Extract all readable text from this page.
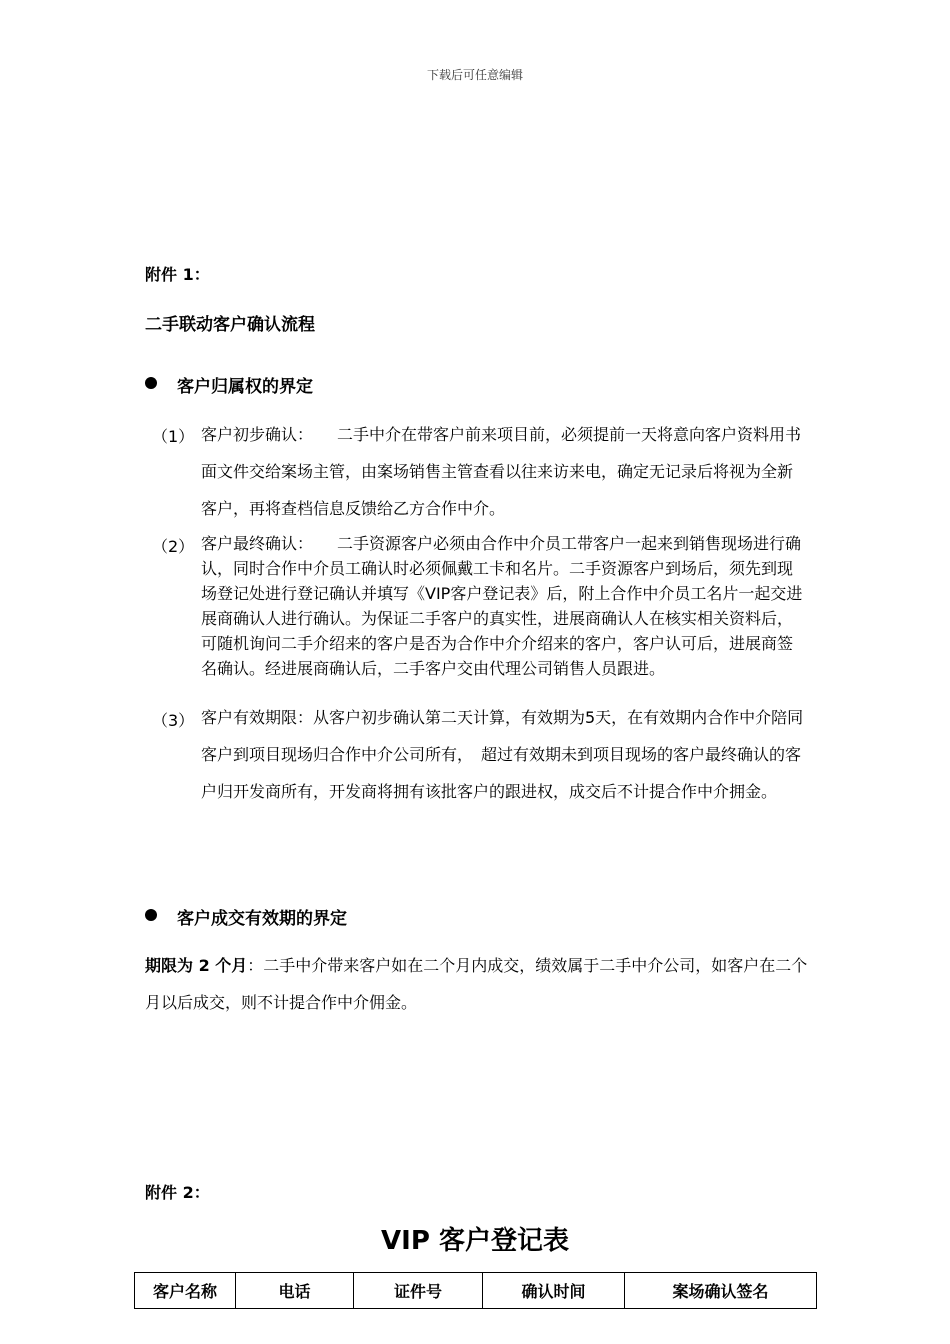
下载后可任意编辑
附件 1：
二手联动客户确认流程
客户归属权的界定
（1） 客户初步确认：　　二手中介在带客户前来项目前，必须提前一天将意向客户资料用书面文件交给案场主管，由案场销售主管查看以往来访来电，确定无记录后将视为全新客户，再将查档信息反馈给乙方合作中介。
（2） 客户最终确认：　　二手资源客户必须由合作中介员工带客户一起来到销售现场进行确认，同时合作中介员工确认时必须佩戴工卡和名片。二手资源客户到场后，须先到现场登记处进行登记确认并填写《VIP客户登记表》后，附上合作中介员工名片一起交进展商确认人进行确认。为保证二手客户的真实性，进展商确认人在核实相关资料后，可随机询问二手介绍来的客户是否为合作中介介绍来的客户，客户认可后，进展商签名确认。经进展商确认后，二手客户交由代理公司销售人员跟进。
（3） 客户有效期限：从客户初步确认第二天计算，有效期为5天，在有效期内合作中介陪同客户到项目现场归合作中介公司所有，　超过有效期未到项目现场的客户最终确认的客户归开发商所有，开发商将拥有该批客户的跟进权，成交后不计提合作中介拥金。
客户成交有效期的界定
期限为 2 个月：二手中介带来客户如在二个月内成交，绩效属于二手中介公司，如客户在二个月以后成交，则不计提合作中介佣金。
附件 2：
VIP 客户登记表
客户名称	电话	证件号	确认时间	案场确认签名
